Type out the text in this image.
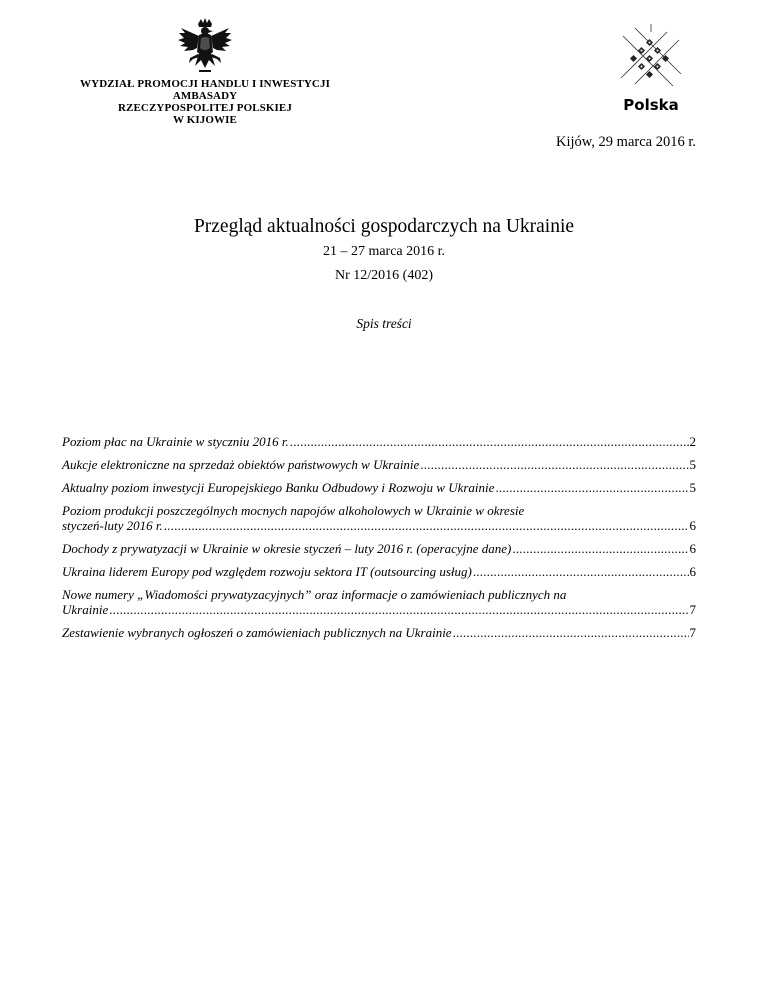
WYDZIAŁ PROMOCJI HANDLU I INWESTYCJI
AMBASADY
RZECZYPOSPOLITEJ POLSKIEJ
W KIJOWIE
Polska
Kijów, 29 marca 2016 r.
Przegląd aktualności gospodarczych na Ukrainie
21 – 27 marca 2016 r.
Nr 12/2016 (402)
Spis treści
Poziom płac na Ukrainie w styczniu 2016 r. .....	2
Aukcje elektroniczne na sprzedaż obiektów państwowych w Ukrainie .....	5
Aktualny poziom inwestycji Europejskiego Banku Odbudowy i Rozwoju w Ukrainie .....	5
Poziom produkcji poszczególnych mocnych napojów alkoholowych w Ukrainie w okresie
styczeń-luty 2016 r. .....	6
Dochody z prywatyzacji w Ukrainie w okresie styczeń – luty 2016 r. (operacyjne dane) .....	6
Ukraina liderem Europy pod względem rozwoju sektora IT (outsourcing usług) .....	6
Nowe numery „Wiadomości prywatyzacyjnych” oraz informacje o zamówieniach publicznych na
Ukrainie .....	7
Zestawienie wybranych ogłoszeń o zamówieniach publicznych na Ukrainie .....	7
